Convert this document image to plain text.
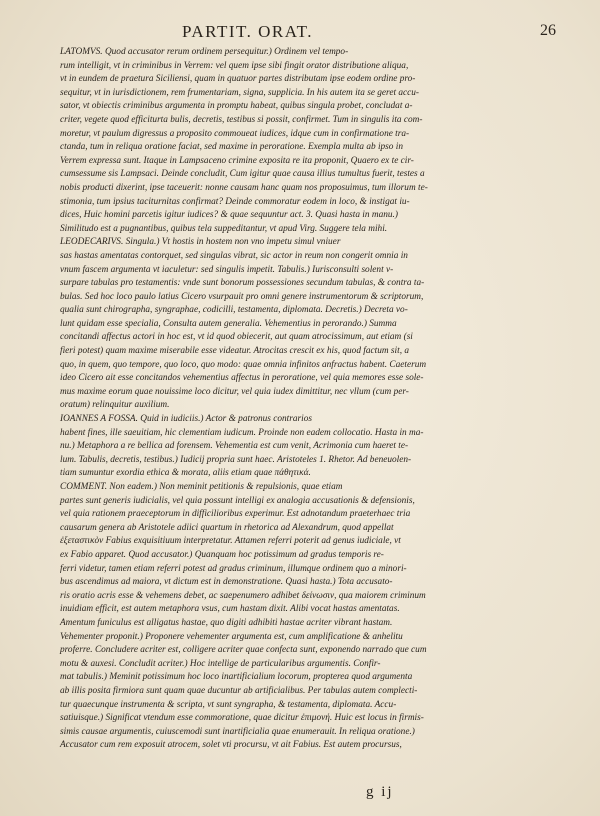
PARTIT. ORAT.	26

LATOMVS. Quod accusator rerum ordinem persequitur.) Ordinem vel tempo-

rum intelligit, vt in criminibus in Verrem: vel quem ipse sibi fingit orator distributione aliqua,

vt in eundem de praetura Siciliensi, quam in quatuor partes distributam ipse eodem ordine pro-

sequitur, vt in iurisdictionem, rem frumentariam, signa, supplicia. In his autem ita se geret accu-

sator, vt obiectis criminibus argumenta in promptu habeat, quibus singula probet, concludat a-

criter, vegete quod efficiturta bulis, decretis, testibus si possit, confirmet. Tum in singulis ita com-

moretur, vt paulum digressus a proposito commoueat iudices, idque cum in confirmatione tra-

ctanda, tum in reliqua oratione faciat, sed maxime in peroratione. Exempla multa ab ipso in

Verrem expressa sunt. Itaque in Lampsaceno crimine exposita re ita proponit, Quaero ex te cir-

cumsessume sis Lampsaci. Deinde concludit, Cum igitur quae causa illius tumultus fuerit, testes a

nobis producti dixerint, ipse taceuerit: nonne causam hanc quam nos proposuimus, tum illorum te-

stimonia, tum ipsius taciturnitas confirmat? Deinde commoratur eodem in loco, & instigat iu-

dices, Huic homini parcetis igitur iudices? & quae sequuntur act. 3. Quasi hasta in manu.)

Similitudo est a pugnantibus, quibus tela suppeditantur, vt apud Virg. Suggere tela mihi.

LEODECARIVS. Singula.) Vt hostis in hostem non vno impetu simul vniuer

sas hastas amentatas contorquet, sed singulas vibrat, sic actor in reum non congerit omnia in

vnum fascem argumenta vt iaculetur: sed singulis impetit. Tabulis.) Iurisconsulti solent v-

surpare tabulas pro testamentis: vnde sunt bonorum possessiones secundum tabulas, & contra ta-

bulas. Sed hoc loco paulo latius Cicero vsurpauit pro omni genere instrumentorum & scriptorum,

qualia sunt chirographa, syngraphae, codicilli, testamenta, diplomata. Decretis.) Decreta vo-

lunt quidam esse specialia, Consulta autem generalia. Vehementius in perorando.) Summa

concitandi affectus actori in hoc est, vt id quod obiecerit, aut quam atrocissimum, aut etiam (si

fieri potest) quam maxime miserabile esse videatur. Atrocitas crescit ex his, quod factum sit, a

quo, in quem, quo tempore, quo loco, quo modo: quae omnia infinitos anfractus habent. Caeterum

ideo Cicero ait esse concitandos vehementius affectus in peroratione, vel quia memores esse sole-

mus maxime eorum quae nouissime loco dicitur, vel quia iudex dimittitur, nec vllum (cum per-

oratum) relinquitur auxilium.

IOANNES A FOSSA. Quid in iudiciis.) Actor & patronus contrarios

habent fines, ille saeuitiam, hic clementiam iudicum. Proinde non eadem collocatio. Hasta in ma-

nu.) Metaphora a re bellica ad forensem. Vehementia est cum venit, Acrimonia cum haeret te-

lum. Tabulis, decretis, testibus.) Iudicij propria sunt haec. Aristoteles 1. Rhetor. Ad beneuolen-

tiam sumuntur exordia ethica & morata, aliis etiam quae πάθητικά.

COMMENT. Non eadem.) Non meminit petitionis & repulsionis, quae etiam

partes sunt generis iudicialis, vel quia possunt intelligi ex analogia accusationis & defensionis,

vel quia rationem praeceptorum in difficilioribus experimur. Est adnotandum praeterhaec tria

causarum genera ab Aristotele adiici quartum in rhetorica ad Alexandrum, quod appellat

ἐξεταστικὸν Fabius exquisitiuum interpretatur. Attamen referri poterit ad genus iudiciale, vt

ex Fabio apparet. Quod accusator.) Quanquam hoc potissimum ad gradus temporis re-

ferri videtur, tamen etiam referri potest ad gradus criminum, illumque ordinem quo a minori-

bus ascendimus ad maiora, vt dictum est in demonstratione. Quasi hasta.) Tota accusato-

ris oratio acris esse & vehemens debet, ac saepenumero adhibet δείνωσιν, qua maiorem criminum

inuidiam efficit, est autem metaphora vsus, cum hastam dixit. Alibi vocat hastas amentatas.

Amentum funiculus est alligatus hastae, quo digiti adhibiti hastae acriter vibrant hastam.

Vehementer proponit.) Proponere vehementer argumenta est, cum amplificatione & anhelitu

proferre. Concludere acriter est, colligere acriter quae confecta sunt, exponendo narrado que cum

motu & auxesi. Concludit acriter.) Hoc intellige de particularibus argumentis. Confir-

mat tabulis.) Meminit potissimum hoc loco inartificialium locorum, propterea quod argumenta

ab illis posita firmiora sunt quam quae ducuntur ab artificialibus. Per tabulas autem complecti-

tur quaecunque instrumenta & scripta, vt sunt syngrapha, & testamenta, diplomata. Accu-

satiuisque.) Significat vtendum esse commoratione, quae dicitur ἐπιμονή. Huic est locus in firmis-

simis causae argumentis, cuiuscemodi sunt inartificialia quae enumerauit. In reliqua oratione.)

Accusator cum rem exposuit atrocem, solet vti procursu, vt ait Fabius. Est autem procursus,

g ij
